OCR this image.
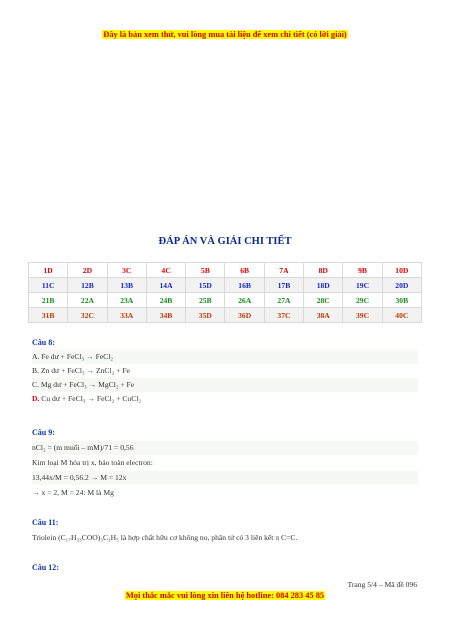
Đây là bản xem thử, vui lòng mua tài liệu để xem chi tiết (có lời giải)
ĐÁP ÁN VÀ GIẢI CHI TIẾT
1D	2D	3C	4C	5B	6B	7A	8D	9B	10D
11C	12B	13B	14A	15D	16B	17B	18D	19C	20D
21B	22A	23A	24B	25B	26A	27A	28C	29C	30B
31B	32C	33A	34B	35D	36D	37C	38A	39C	40C
Câu 8:
A. Fe dư + FeCl₃ → FeCl₂
B. Zn dư + FeCl₃ → ZnCl₂ + Fe
C. Mg dư + FeCl₃ → MgCl₂ + Fe
D. Cu dư + FeCl₃ → FeCl₂ + CuCl₂
Câu 9:
nCl₂ = (m muối – mM)/71 = 0,56
Kim loại M hóa trị x, bảo toàn electron:
13,44x/M = 0,56.2 → M = 12x
→ x = 2, M = 24: M là Mg
Câu 11:
Triolein (C₁₇H₃₃COO)₃C₃H₅ là hợp chất hữu cơ không no, phân tử có 3 liên kết π C=C.
Câu 12:
Trang 5/4 – Mã đề 096
Mọi thắc mắc vui lòng xin liên hệ hotline: 084 283 45 85
